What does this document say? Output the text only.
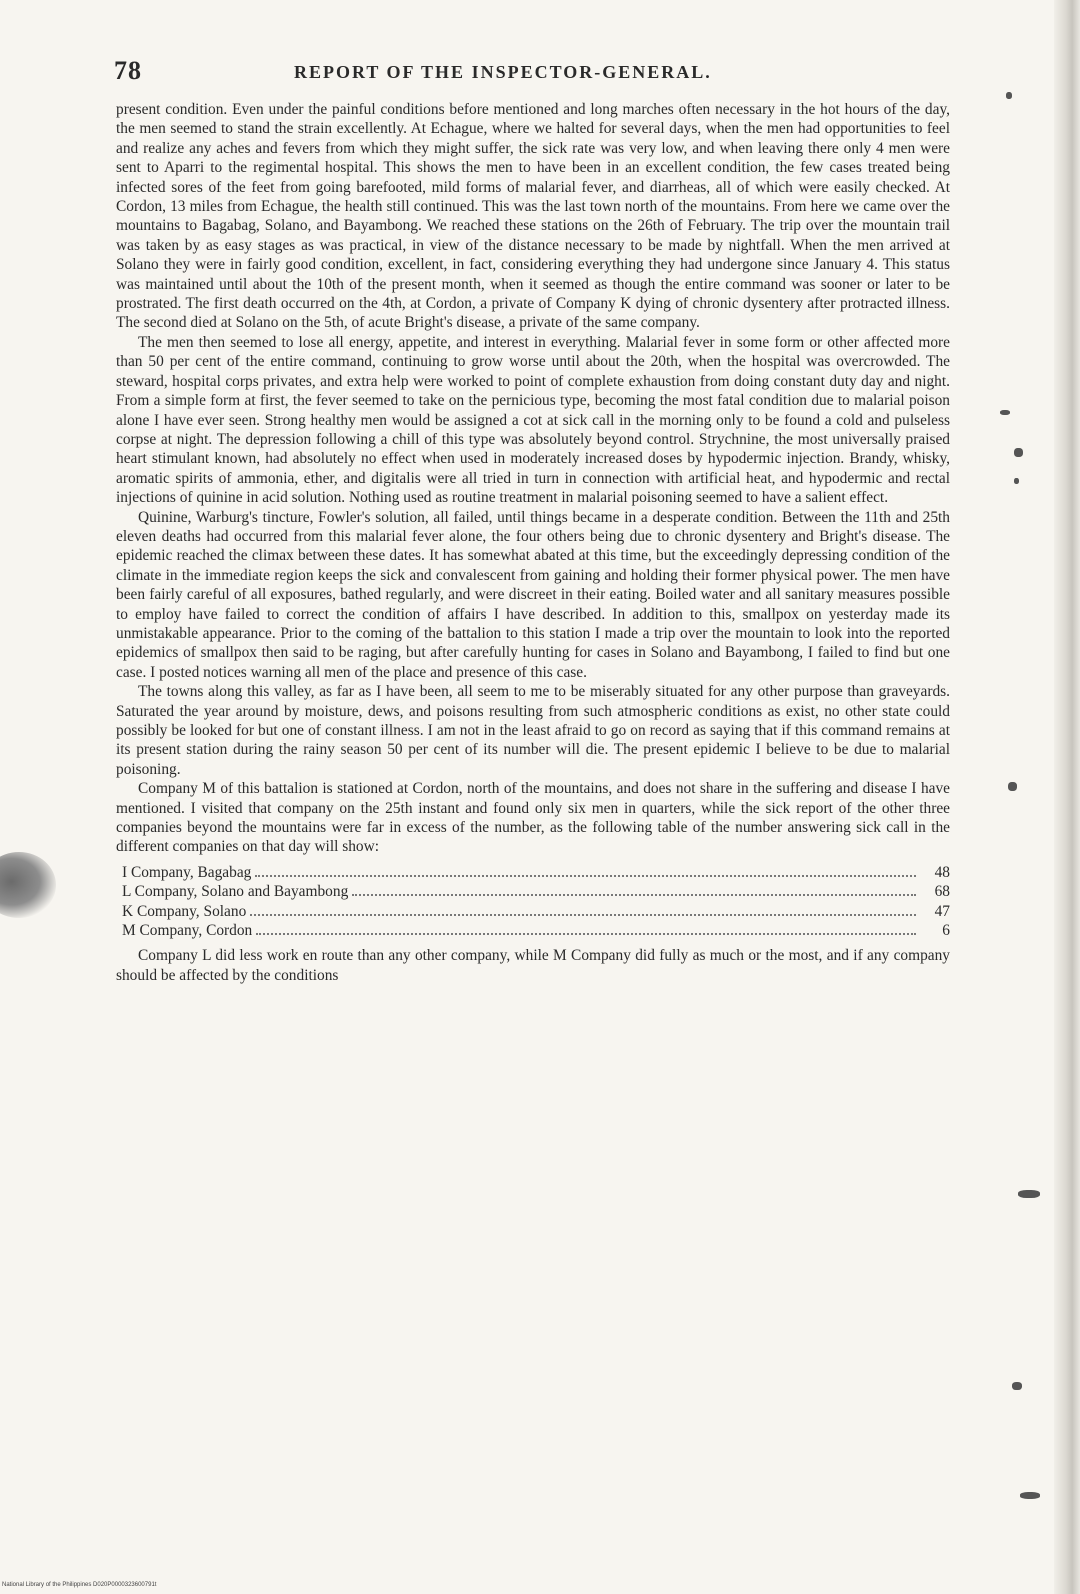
78	REPORT OF THE INSPECTOR-GENERAL.

present condition. Even under the painful conditions before mentioned and long marches often necessary in the hot hours of the day, the men seemed to stand the strain excellently. At Echague, where we halted for several days, when the men had opportunities to feel and realize any aches and fevers from which they might suffer, the sick rate was very low, and when leaving there only 4 men were sent to Aparri to the regimental hospital. This shows the men to have been in an excellent condition, the few cases treated being infected sores of the feet from going barefooted, mild forms of malarial fever, and diarrheas, all of which were easily checked. At Cordon, 13 miles from Echague, the health still continued. This was the last town north of the mountains. From here we came over the mountains to Bagabag, Solano, and Bayambong. We reached these stations on the 26th of February. The trip over the mountain trail was taken by as easy stages as was practical, in view of the distance necessary to be made by nightfall. When the men arrived at Solano they were in fairly good condition, excellent, in fact, considering everything they had undergone since January 4. This status was maintained until about the 10th of the present month, when it seemed as though the entire command was sooner or later to be prostrated. The first death occurred on the 4th, at Cordon, a private of Company K dying of chronic dysentery after protracted illness. The second died at Solano on the 5th, of acute Bright's disease, a private of the same company.

The men then seemed to lose all energy, appetite, and interest in everything. Malarial fever in some form or other affected more than 50 per cent of the entire command, continuing to grow worse until about the 20th, when the hospital was overcrowded. The steward, hospital corps privates, and extra help were worked to point of complete exhaustion from doing constant duty day and night. From a simple form at first, the fever seemed to take on the pernicious type, becoming the most fatal condition due to malarial poison alone I have ever seen. Strong healthy men would be assigned a cot at sick call in the morning only to be found a cold and pulseless corpse at night. The depression following a chill of this type was absolutely beyond control. Strychnine, the most universally praised heart stimulant known, had absolutely no effect when used in moderately increased doses by hypodermic injection. Brandy, whisky, aromatic spirits of ammonia, ether, and digitalis were all tried in turn in connection with artificial heat, and hypodermic and rectal injections of quinine in acid solution. Nothing used as routine treatment in malarial poisoning seemed to have a salient effect.

Quinine, Warburg's tincture, Fowler's solution, all failed, until things became in a desperate condition. Between the 11th and 25th eleven deaths had occurred from this malarial fever alone, the four others being due to chronic dysentery and Bright's disease. The epidemic reached the climax between these dates. It has somewhat abated at this time, but the exceedingly depressing condition of the climate in the immediate region keeps the sick and convalescent from gaining and holding their former physical power. The men have been fairly careful of all exposures, bathed regularly, and were discreet in their eating. Boiled water and all sanitary measures possible to employ have failed to correct the condition of affairs I have described. In addition to this, smallpox on yesterday made its unmistakable appearance. Prior to the coming of the battalion to this station I made a trip over the mountain to look into the reported epidemics of smallpox then said to be raging, but after carefully hunting for cases in Solano and Bayambong, I failed to find but one case. I posted notices warning all men of the place and presence of this case.

The towns along this valley, as far as I have been, all seem to me to be miserably situated for any other purpose than graveyards. Saturated the year around by moisture, dews, and poisons resulting from such atmospheric conditions as exist, no other state could possibly be looked for but one of constant illness. I am not in the least afraid to go on record as saying that if this command remains at its present station during the rainy season 50 per cent of its number will die. The present epidemic I believe to be due to malarial poisoning.

Company M of this battalion is stationed at Cordon, north of the mountains, and does not share in the suffering and disease I have mentioned. I visited that company on the 25th instant and found only six men in quarters, while the sick report of the other three companies beyond the mountains were far in excess of the number, as the following table of the number answering sick call in the different companies on that day will show:

I Company, Bagabag	48
L Company, Solano and Bayambong	68
K Company, Solano	47
M Company, Cordon	6

Company L did less work en route than any other company, while M Company did fully as much or the most, and if any company should be affected by the conditions

National Library of the Philippines D020P0000323600791t
